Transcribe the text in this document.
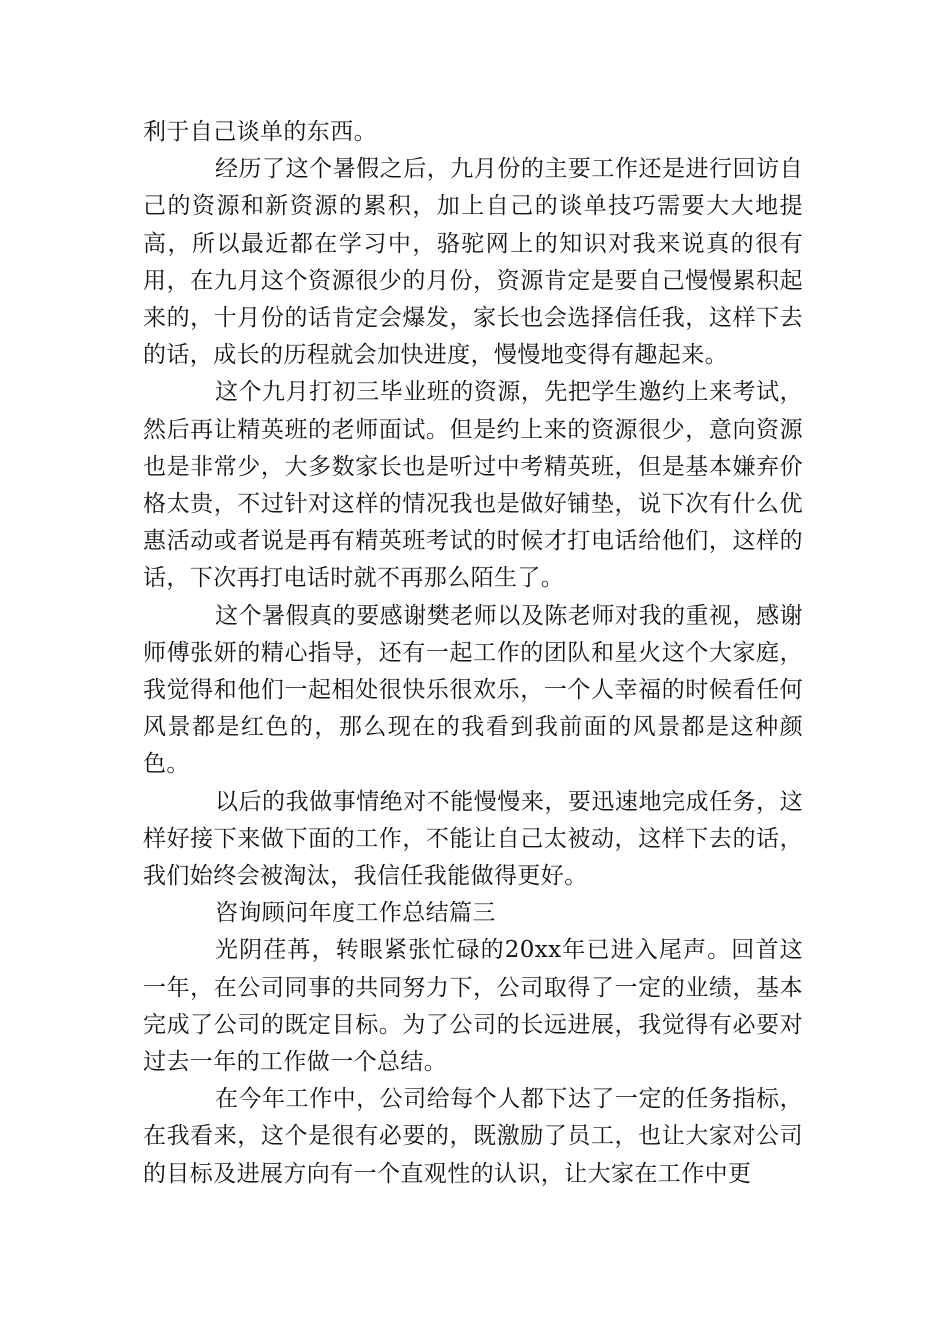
利于自己谈单的东西。

经历了这个暑假之后，九月份的主要工作还是进行回访自己的资源和新资源的累积，加上自己的谈单技巧需要大大地提高，所以最近都在学习中，骆驼网上的知识对我来说真的很有用，在九月这个资源很少的月份，资源肯定是要自己慢慢累积起来的，十月份的话肯定会爆发，家长也会选择信任我，这样下去的话，成长的历程就会加快进度，慢慢地变得有趣起来。

这个九月打初三毕业班的资源，先把学生邀约上来考试，然后再让精英班的老师面试。但是约上来的资源很少，意向资源也是非常少，大多数家长也是听过中考精英班，但是基本嫌弃价格太贵，不过针对这样的情况我也是做好铺垫，说下次有什么优惠活动或者说是再有精英班考试的时候才打电话给他们，这样的话，下次再打电话时就不再那么陌生了。

这个暑假真的要感谢樊老师以及陈老师对我的重视，感谢师傅张妍的精心指导，还有一起工作的团队和星火这个大家庭，我觉得和他们一起相处很快乐很欢乐，一个人幸福的时候看任何风景都是红色的，那么现在的我看到我前面的风景都是这种颜色。

以后的我做事情绝对不能慢慢来，要迅速地完成任务，这样好接下来做下面的工作，不能让自己太被动，这样下去的话，我们始终会被淘汰，我信任我能做得更好。

咨询顾问年度工作总结篇三

光阴荏苒，转眼紧张忙碌的20xx年已进入尾声。回首这一年，在公司同事的共同努力下，公司取得了一定的业绩，基本完成了公司的既定目标。为了公司的长远进展，我觉得有必要对过去一年的工作做一个总结。

在今年工作中，公司给每个人都下达了一定的任务指标，在我看来，这个是很有必要的，既激励了员工，也让大家对公司的目标及进展方向有一个直观性的认识，让大家在工作中更
